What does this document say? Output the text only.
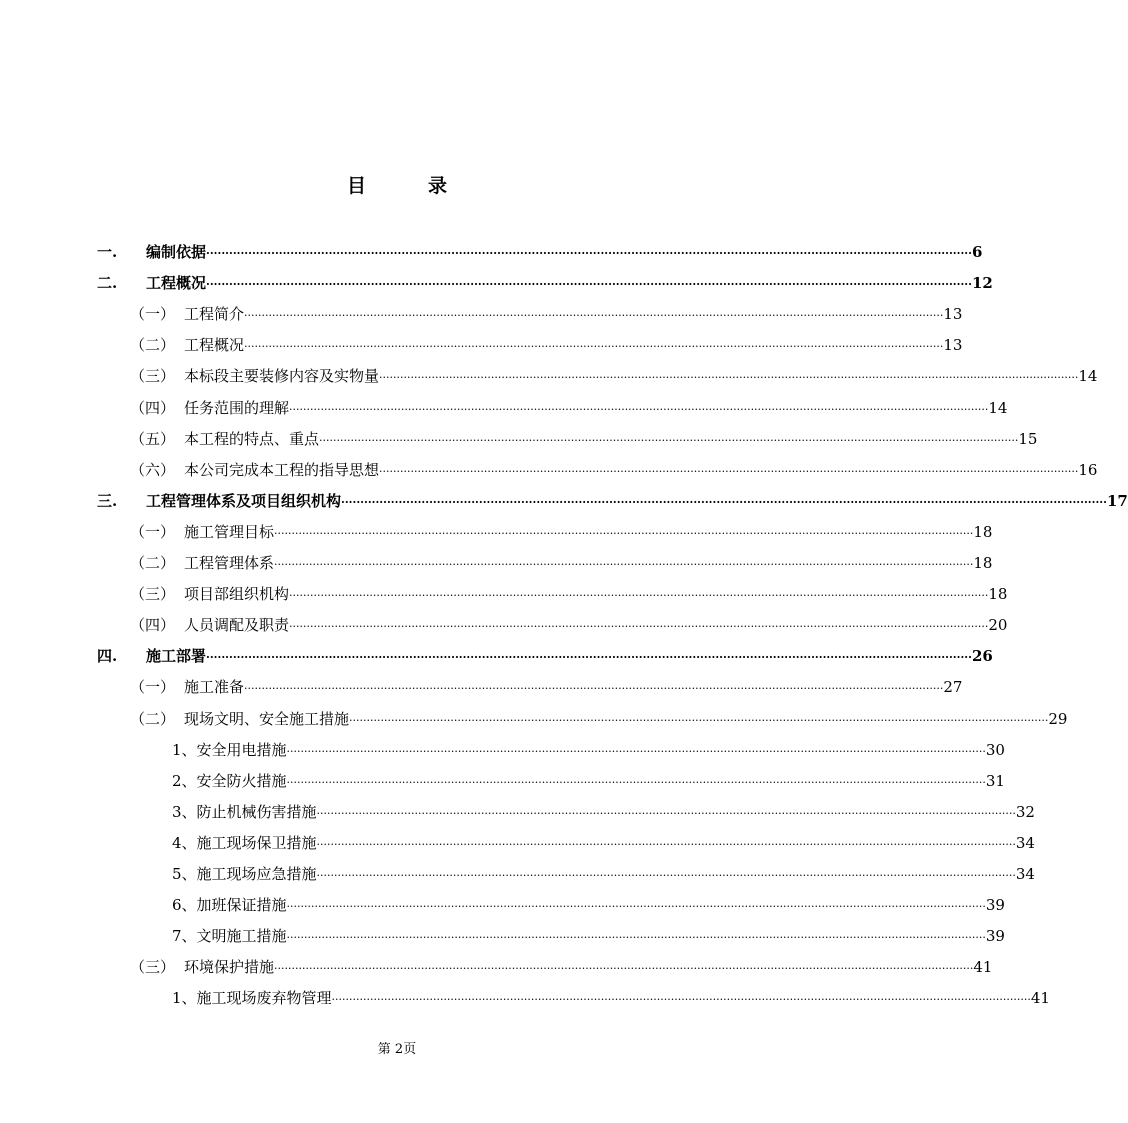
目	录
一.	编制依据 ········································································································································································································ 6
二.	工程概况 ········································································································································································································ 12
（一） 工程简介 ········································································································································································································ 13
（二） 工程概况 ········································································································································································································ 13
（三） 本标段主要装修内容及实物量 ········································································································································································································ 14
（四） 任务范围的理解 ········································································································································································································ 14
（五） 本工程的特点、重点 ········································································································································································································ 15
（六） 本公司完成本工程的指导思想 ········································································································································································································ 16
三.	工程管理体系及项目组织机构 ········································································································································································································ 17
（一） 施工管理目标 ········································································································································································································ 18
（二） 工程管理体系 ········································································································································································································ 18
（三） 项目部组织机构 ········································································································································································································ 18
（四） 人员调配及职责 ········································································································································································································ 20
四.	施工部署 ········································································································································································································ 26
（一） 施工准备 ········································································································································································································ 27
（二） 现场文明、安全施工措施 ········································································································································································································ 29
1、安全用电措施 ········································································································································································································ 30
2、安全防火措施 ········································································································································································································ 31
3、防止机械伤害措施 ········································································································································································································ 32
4、施工现场保卫措施 ········································································································································································································ 34
5、施工现场应急措施 ········································································································································································································ 34
6、加班保证措施 ········································································································································································································ 39
7、文明施工措施 ········································································································································································································ 39
（三） 环境保护措施 ········································································································································································································ 41
1、施工现场废弃物管理 ········································································································································································································ 41
第 2页
